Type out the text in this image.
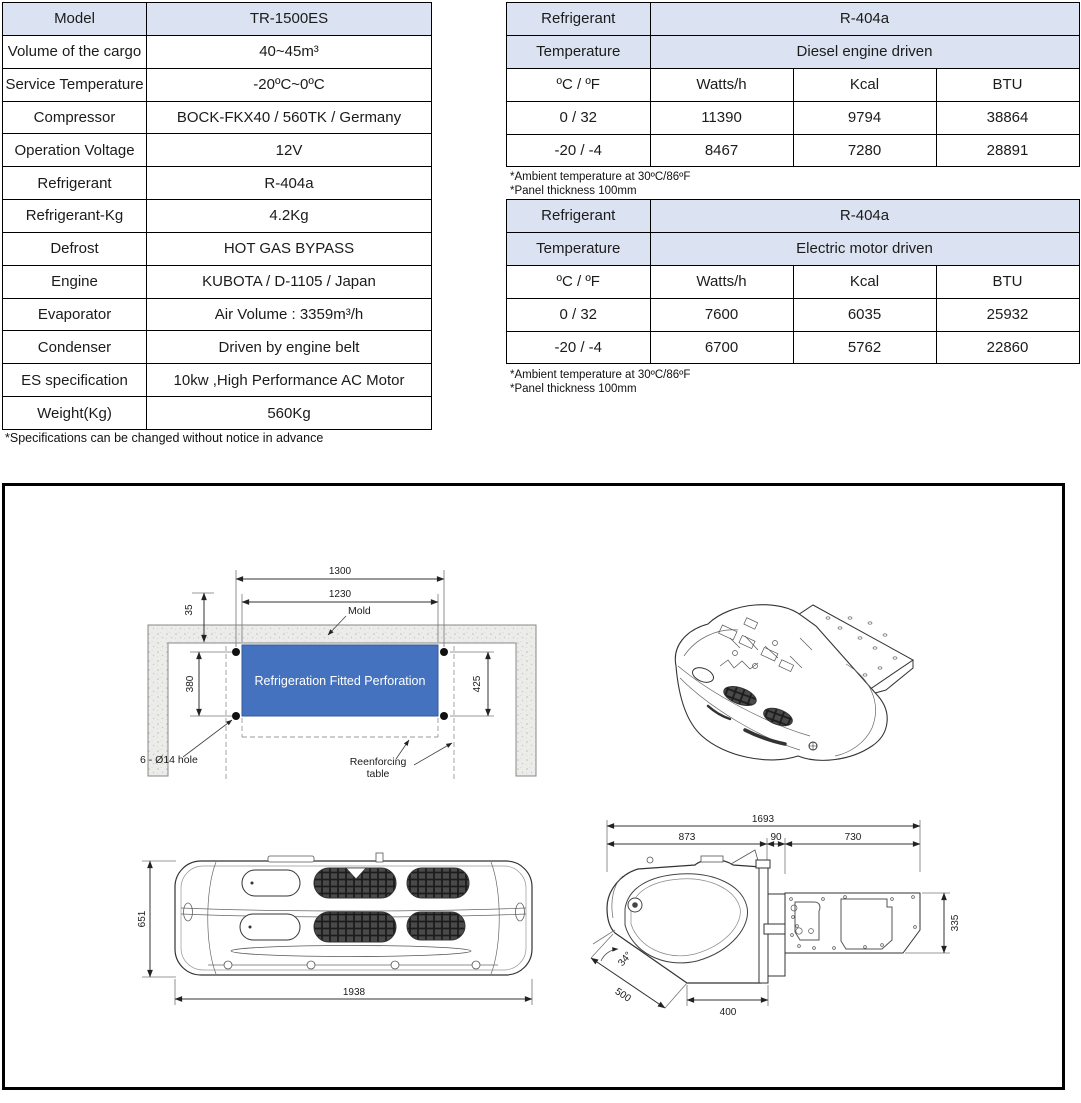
Model	TR-1500ES
Volume of the cargo	40~45m³
Service Temperature	-20ºC~0ºC
Compressor	BOCK-FKX40 / 560TK / Germany
Operation Voltage	12V
Refrigerant	R-404a
Refrigerant-Kg	4.2Kg
Defrost	HOT GAS BYPASS
Engine	KUBOTA / D-1105 / Japan
Evaporator	Air Volume : 3359m³/h
Condenser	Driven by engine belt
ES specification	10kw ,High Performance AC Motor
Weight(Kg)	560Kg
*Specifications can be changed without notice in advance
Refrigerant	R-404a		
Temperature	Diesel engine driven		
ºC / ºF	Watts/h	Kcal	BTU
0 / 32	11390	9794	38864
-20 / -4	8467	7280	28891
*Ambient temperature at 30ºC/86ºF
*Panel thickness 100mm
Refrigerant	R-404a		
Temperature	Electric motor driven		
ºC / ºF	Watts/h	Kcal	BTU
0 / 32	7600	6035	25932
-20 / -4	6700	5762	22860
*Ambient temperature at 30ºC/86ºF
*Panel thickness 100mm
Refrigeration Fitted Perforation
1300
1230
35
380	425
Mold
6 - Ø14 hole	Reenforcing
table
651
1938
1693
873	90	730
335
34°
500
400
